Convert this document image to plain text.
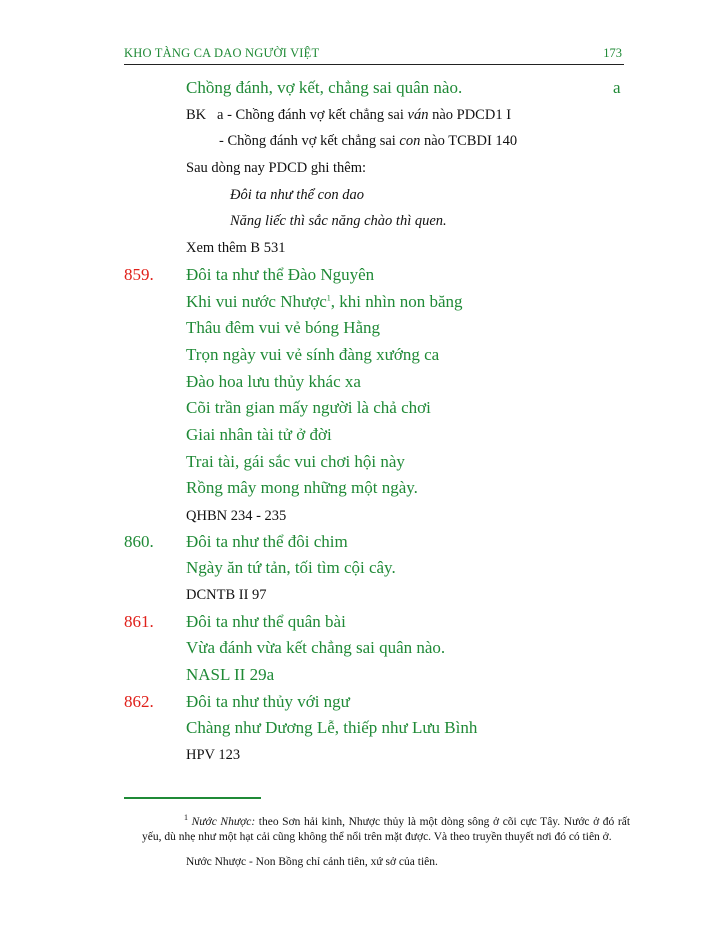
KHO TÀNG CA DAO NGƯỜI VIỆT	173
Chồng đánh, vợ kết, chẳng sai quân nào.	a
BK a - Chồng đánh vợ kết chẳng sai ván nào PDCD1 I
- Chồng đánh vợ kết chẳng sai con nào TCBDI 140
Sau dòng nay PDCD ghi thêm:
Đôi ta như thể con dao
Năng liếc thì sắc năng chào thì quen.
Xem thêm B 531
859. Đôi ta như thể Đào Nguyên
Khi vui nước Nhược$^1$, khi nhìn non băng
Thâu đêm vui vẻ bóng Hằng
Trọn ngày vui vẻ sính đàng xướng ca
Đào hoa lưu thủy khác xa
Cõi trần gian mấy người là chả chơi
Giai nhân tài tử ở đời
Trai tài, gái sắc vui chơi hội này
Rồng mây mong những một ngày.
QHBN 234 - 235
860. Đôi ta như thể đôi chim
Ngày ăn tứ tản, tối tìm cội cây.
DCNTB II 97
861. Đôi ta như thể quân bài
Vừa đánh vừa kết chẳng sai quân nào.
NASL II 29a
862. Đôi ta như thủy với ngư
Chàng như Dương Lễ, thiếp như Lưu Bình
HPV 123
$^1$ Nước Nhược: theo Sơn hải kinh, Nhược thủy là một dòng sông ở cõi cực Tây. Nước ở đó rất yếu, dù nhẹ như một hạt cải cũng không thể nổi trên mặt được. Và theo truyền thuyết nơi đó có tiên ở.
Nước Nhược - Non Bồng chỉ cảnh tiên, xứ sở của tiên.
